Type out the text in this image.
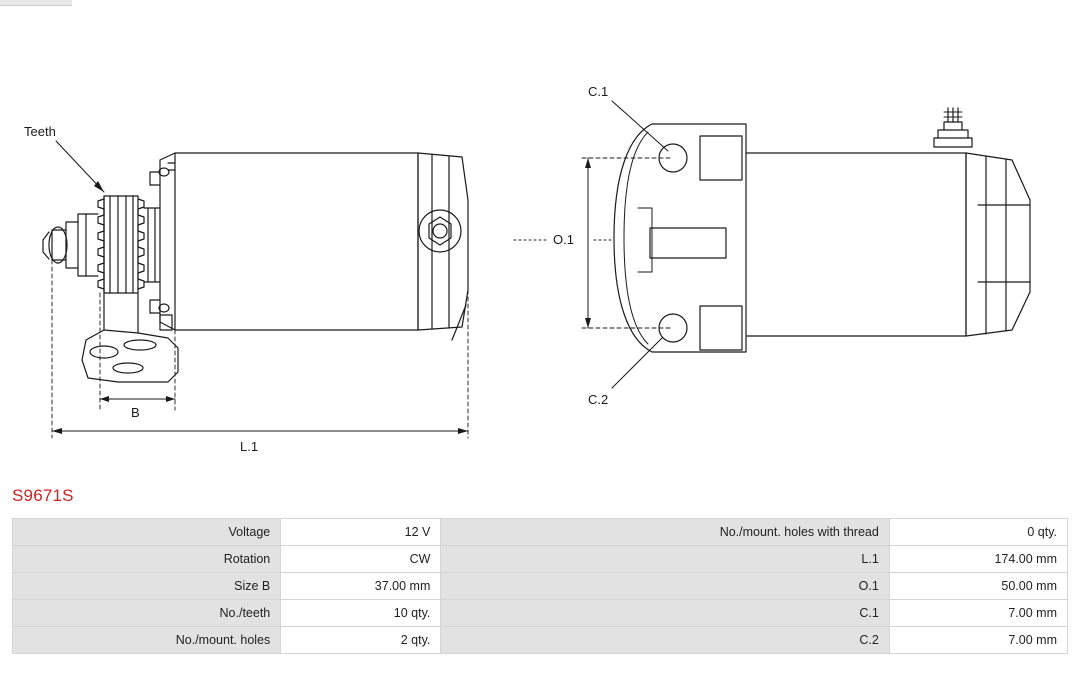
Teeth
B
L.1
O.1
C.1
C.2
S9671S
Voltage	12 V	No./mount. holes with thread	0 qty.
Rotation	CW	L.1	174.00 mm
Size B	37.00 mm	O.1	50.00 mm
No./teeth	10 qty.	C.1	7.00 mm
No./mount. holes	2 qty.	C.2	7.00 mm
